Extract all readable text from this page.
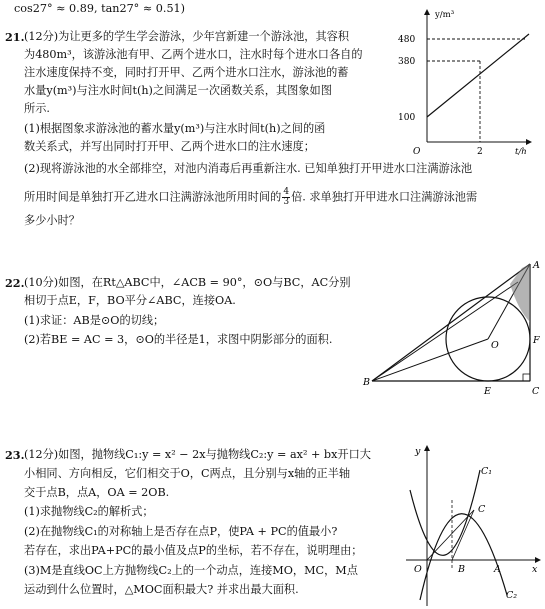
cos27° ≈ 0.89, tan27° ≈ 0.51)
21. (12分)为让更多的学生学会游泳，少年宫新建一个游泳池，其容积
为480m³，该游泳池有甲、乙两个进水口，注水时每个进水口各自的
注水速度保持不变，同时打开甲、乙两个进水口注水，游泳池的蓄
水量y(m³)与注水时间t(h)之间满足一次函数关系，其图象如图
所示.
(1)根据图象求游泳池的蓄水量y(m³)与注水时间t(h)之间的函
数关系式，并写出同时打开甲、乙两个进水口的注水速度；
(2)现将游泳池的水全部排空，对池内消毒后再重新注水. 已知单独打开甲进水口注满游泳池
所用时间是单独打开乙进水口注满游泳池所用时间的 $\frac{4}{3}$ 倍. 求单独打开甲进水口注满游泳池需
多少小时？
y/m³
t/h
O	2
480
380
100
22. (10分)如图，在Rt△ABC中，∠ACB = 90°，⊙O与BC，AC分别
相切于点E，F，BO平分∠ABC，连接OA.
(1)求证：AB是⊙O的切线；
(2)若BE = AC = 3，⊙O的半径是1，求图中阴影部分的面积.
A
B
C
E
F
O
23. (12分)如图，抛物线C₁:y = x² − 2x与抛物线C₂:y = ax² + bx开口大
小相同、方向相反，它们相交于O，C两点，且分别与x轴的正半轴
交于点B，点A，OA = 2OB.
(1)求抛物线C₂的解析式；
(2)在抛物线C₁的对称轴上是否存在点P，使PA + PC的值最小?
若存在，求出PA+PC的最小值及点P的坐标，若不存在，说明理由；
(3)M是直线OC上方抛物线C₂上的一个动点，连接MO，MC，M点
运动到什么位置时，△MOC面积最大? 并求出最大面积.
y
x
O	B	A
C
C₁
C₂
